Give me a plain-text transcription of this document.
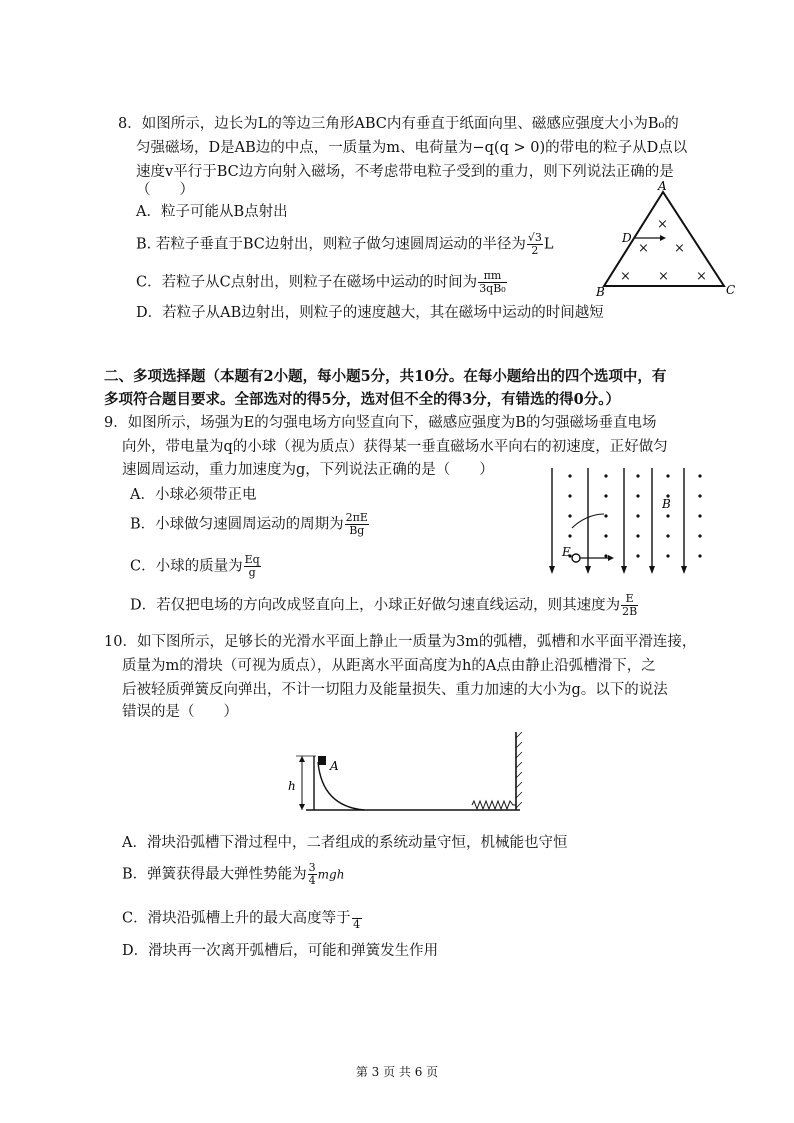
8．如图所示，边长为L的等边三角形ABC内有垂直于纸面向里、磁感应强度大小为B₀的
匀强磁场，D是AB边的中点，一质量为m、电荷量为−q(q > 0)的带电的粒子从D点以
速度v平行于BC边方向射入磁场，不考虑带电粒子受到的重力，则下列说法正确的是
（　　）
A．粒子可能从B点射出
B. 若粒子垂直于BC边射出，则粒子做匀速圆周运动的半径为 $\frac{√3}{2}$ L
C．若粒子从C点射出，则粒子在磁场中运动的时间为 $\frac{\pi m}{\text{3qB₀}}$
D．若粒子从AB边射出，则粒子的速度越大，其在磁场中运动的时间越短
A
B	C
D
×
× ×
× × ×
二、多项选择题（本题有2小题，每小题5分，共10分。在每小题给出的四个选项中，有
多项符合题目要求。全部选对的得5分，选对但不全的得3分，有错选的得0分。）
9．如图所示，场强为E的匀强电场方向竖直向下，磁感应强度为B的匀强磁场垂直电场
向外，带电量为q的小球（视为质点）获得某一垂直磁场水平向右的初速度，正好做匀
速圆周运动，重力加速度为g，下列说法正确的是（　　）
A．小球必须带正电
B．小球做匀速圆周运动的周期为 $\frac{2\pi E}{Bg}$
C．小球的质量为 $\frac{Eq}{g}$
D．若仅把电场的方向改成竖直向上，小球正好做匀速直线运动，则其速度为 $\frac{E}{2B}$
B
E
10．如下图所示，足够长的光滑水平面上静止一质量为3m的弧槽，弧槽和水平面平滑连接，
质量为m的滑块（可视为质点），从距离水平面高度为h的A点由静止沿弧槽滑下，之
后被轻质弹簧反向弹出，不计一切阻力及能量损失、重力加速的大小为g。以下的说法
错误的是（　　）
h
A
A．滑块沿弧槽下滑过程中，二者组成的系统动量守恒，机械能也守恒
B．弹簧获得最大弹性势能为 $\frac{3}{4}$ mgh
C．滑块沿弧槽上升的最大高度等于
4
D．滑块再一次离开弧槽后，可能和弹簧发生作用
第 3 页 共 6 页
